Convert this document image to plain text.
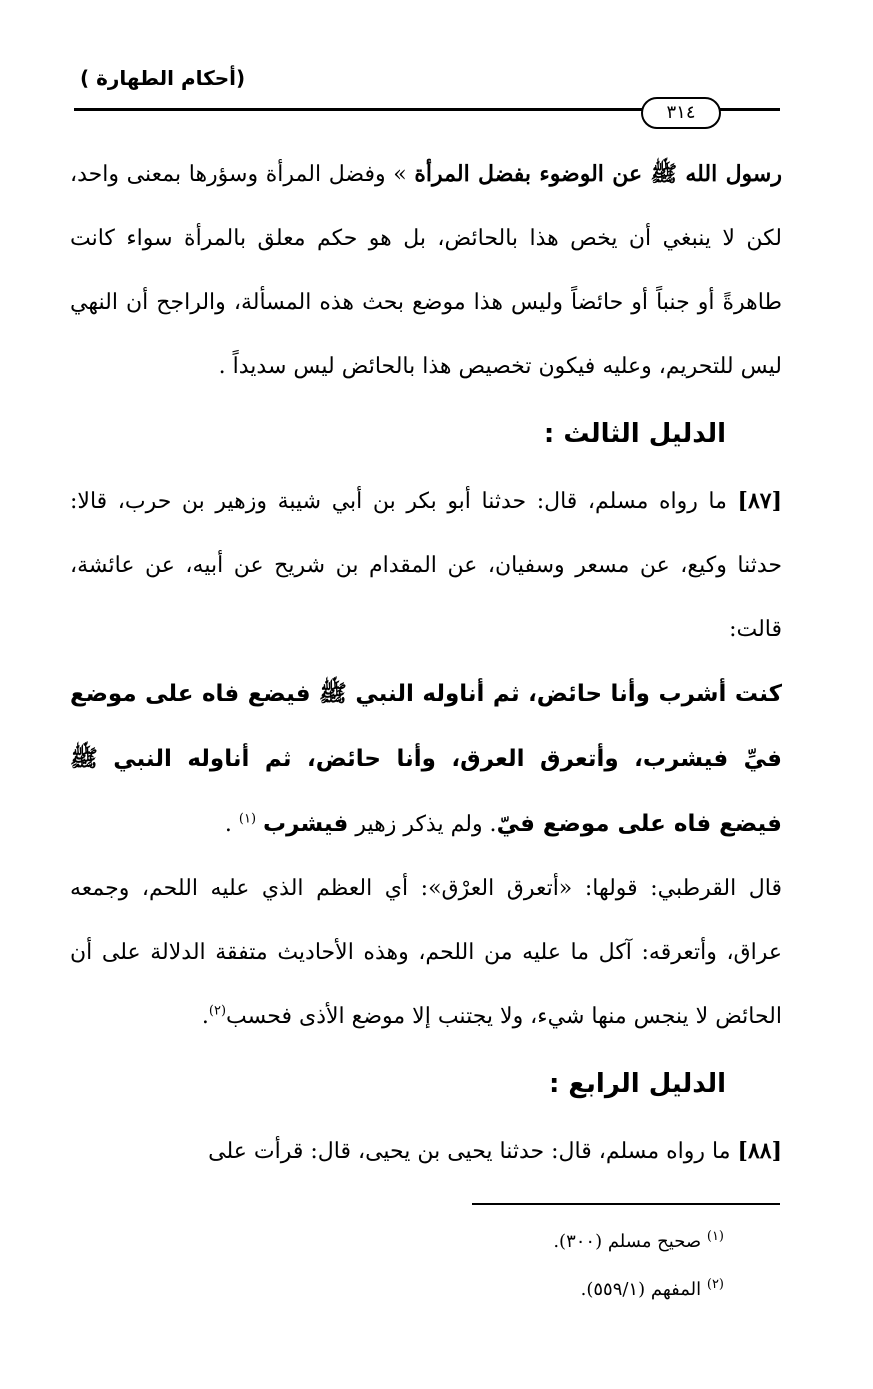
(أحكام الطهارة )
٣١٤

رسول الله ﷺ عن الوضوء بفضل المرأة » وفضل المرأة وسؤرها بمعنى واحد، لكن لا ينبغي أن يخص هذا بالحائض، بل هو حكم معلق بالمرأة سواء كانت طاهرةً أو جنباً أو حائضاً وليس هذا موضع بحث هذه المسألة، والراجح أن النهي ليس للتحريم، وعليه فيكون تخصيص هذا بالحائض ليس سديداً .

الدليل الثالث :

[٨٧] ما رواه مسلم، قال: حدثنا أبو بكر بن أبي شيبة وزهير بن حرب، قالا: حدثنا وكيع، عن مسعر وسفيان، عن المقدام بن شريح عن أبيه، عن عائشة، قالت:

كنت أشرب وأنا حائض، ثم أناوله النبي ﷺ فيضع فاه على موضع فيِّ فيشرب، وأتعرق العرق، وأنا حائض، ثم أناوله النبي ﷺ فيضع فاه على موضع فيّ. ولم يذكر زهير فيشرب $^{(١)}$ .

قال القرطبي: قولها: «أتعرق العرْق»: أي العظم الذي عليه اللحم، وجمعه عراق، وأتعرقه: آكل ما عليه من اللحم، وهذه الأحاديث متفقة الدلالة على أن الحائض لا ينجس منها شيء، ولا يجتنب إلا موضع الأذى فحسب$^{(٢)}$.

الدليل الرابع :

[٨٨] ما رواه مسلم، قال: حدثنا يحيى بن يحيى، قال: قرأت على

$^{(١)}$ صحيح مسلم (٣٠٠).

$^{(٢)}$ المفهم (٥٥٩/١).
